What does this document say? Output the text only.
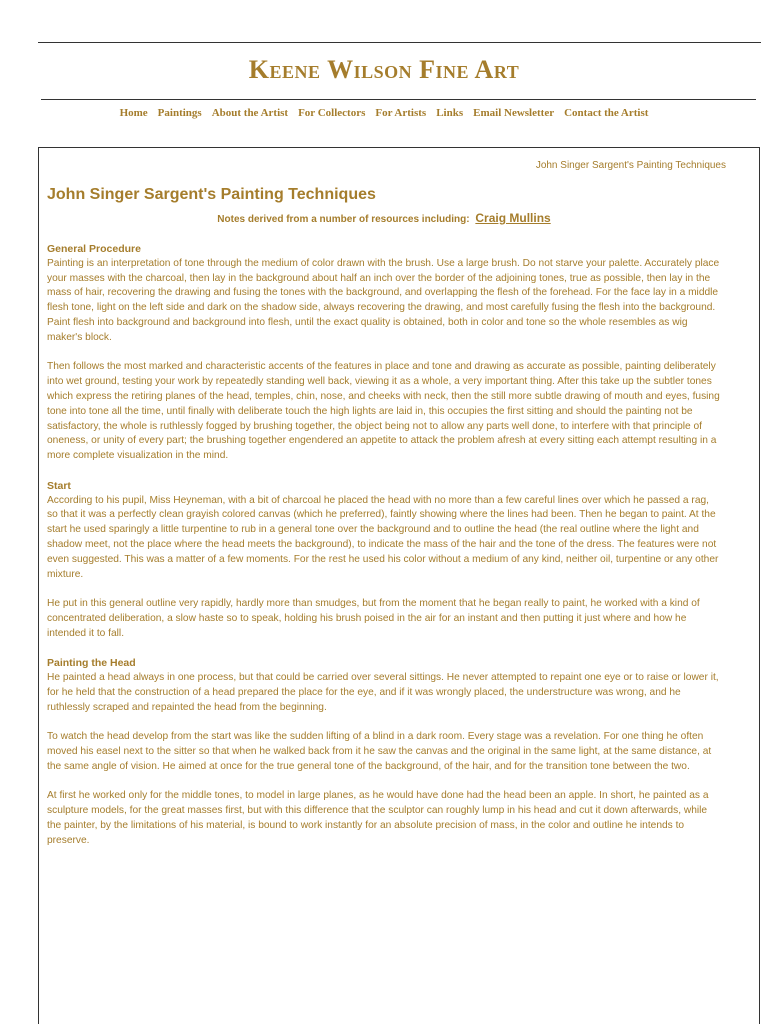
Keene Wilson Fine Art
Home Paintings About the Artist For Collectors For Artists Links Email Newsletter Contact the Artist
John Singer Sargent's Painting Techniques
John Singer Sargent's Painting Techniques
Notes derived from a number of resources including: Craig Mullins
General Procedure

Painting is an interpretation of tone through the medium of color drawn with the brush. Use a large brush. Do not starve your palette. Accurately place your masses with the charcoal, then lay in the background about half an inch over the border of the adjoining tones, true as possible, then lay in the mass of hair, recovering the drawing and fusing the tones with the background, and overlapping the flesh of the forehead. For the face lay in a middle flesh tone, light on the left side and dark on the shadow side, always recovering the drawing, and most carefully fusing the flesh into the background. Paint flesh into background and background into flesh, until the exact quality is obtained, both in color and tone so the whole resembles as wig maker's block.

Then follows the most marked and characteristic accents of the features in place and tone and drawing as accurate as possible, painting deliberately into wet ground, testing your work by repeatedly standing well back, viewing it as a whole, a very important thing. After this take up the subtler tones which express the retiring planes of the head, temples, chin, nose, and cheeks with neck, then the still more subtle drawing of mouth and eyes, fusing tone into tone all the time, until finally with deliberate touch the high lights are laid in, this occupies the first sitting and should the painting not be satisfactory, the whole is ruthlessly fogged by brushing together, the object being not to allow any parts well done, to interfere with that principle of oneness, or unity of every part; the brushing together engendered an appetite to attack the problem afresh at every sitting each attempt resulting in a more complete visualization in the mind.

Start

According to his pupil, Miss Heyneman, with a bit of charcoal he placed the head with no more than a few careful lines over which he passed a rag, so that it was a perfectly clean grayish colored canvas (which he preferred), faintly showing where the lines had been. Then he began to paint. At the start he used sparingly a little turpentine to rub in a general tone over the background and to outline the head (the real outline where the light and shadow meet, not the place where the head meets the background), to indicate the mass of the hair and the tone of the dress. The features were not even suggested. This was a matter of a few moments. For the rest he used his color without a medium of any kind, neither oil, turpentine or any other mixture.

He put in this general outline very rapidly, hardly more than smudges, but from the moment that he began really to paint, he worked with a kind of concentrated deliberation, a slow haste so to speak, holding his brush poised in the air for an instant and then putting it just where and how he intended it to fall.

Painting the Head

He painted a head always in one process, but that could be carried over several sittings. He never attempted to repaint one eye or to raise or lower it, for he held that the construction of a head prepared the place for the eye, and if it was wrongly placed, the understructure was wrong, and he ruthlessly scraped and repainted the head from the beginning.

To watch the head develop from the start was like the sudden lifting of a blind in a dark room. Every stage was a revelation. For one thing he often moved his easel next to the sitter so that when he walked back from it he saw the canvas and the original in the same light, at the same distance, at the same angle of vision. He aimed at once for the true general tone of the background, of the hair, and for the transition tone between the two.

At first he worked only for the middle tones, to model in large planes, as he would have done had the head been an apple. In short, he painted as a sculpture models, for the great masses first, but with this difference that the sculptor can roughly lump in his head and cut it down afterwards, while the painter, by the limitations of his material, is bound to work instantly for an absolute precision of mass, in the color and outline he intends to preserve.
